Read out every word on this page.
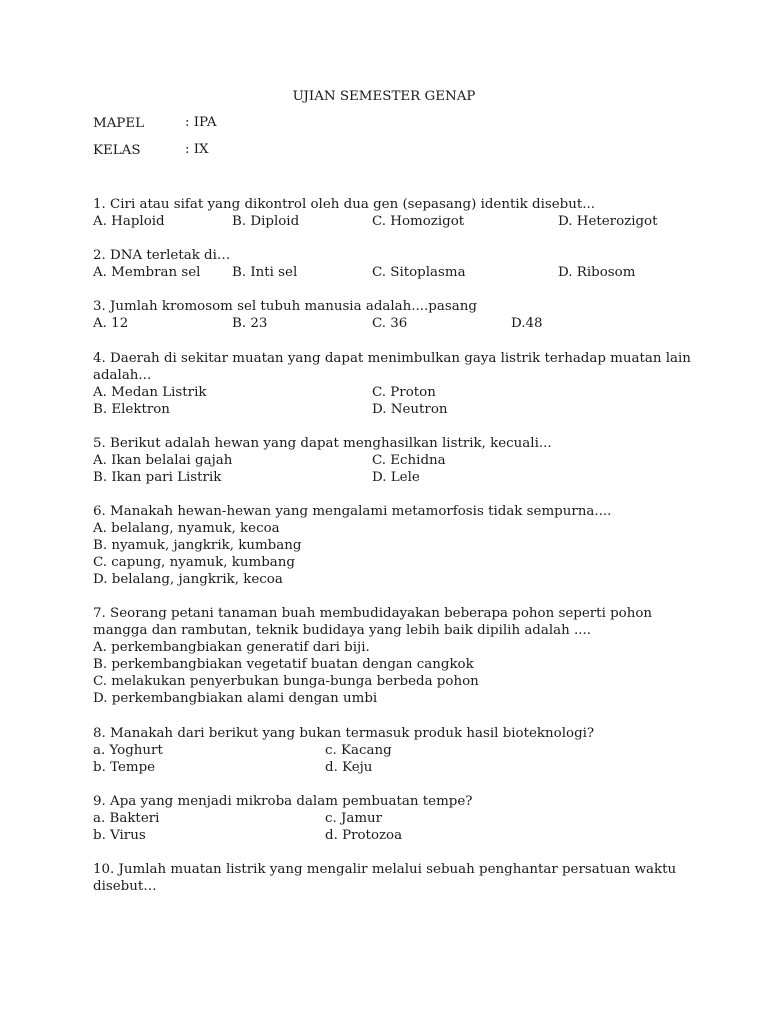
UJIAN SEMESTER GENAP
MAPEL	: IPA
KELAS	: IX
1. Ciri atau sifat yang dikontrol oleh dua gen (sepasang) identik disebut...
A. Haploid	B. Diploid	C. Homozigot	D. Heterozigot
2. DNA terletak di…
A. Membran sel B. Inti sel	C. Sitoplasma	D. Ribosom
3. Jumlah kromosom sel tubuh manusia adalah....pasang
A. 12	B. 23	C. 36	D.48
4. Daerah di sekitar muatan yang dapat menimbulkan gaya listrik terhadap muatan lain
adalah...
A. Medan Listrik	C. Proton
B. Elektron	D. Neutron
5. Berikut adalah hewan yang dapat menghasilkan listrik, kecuali...
A. Ikan belalai gajah	C. Echidna
B. Ikan pari Listrik	D. Lele
6. Manakah hewan-hewan yang mengalami metamorfosis tidak sempurna....
A. belalang, nyamuk, kecoa
B. nyamuk, jangkrik, kumbang
C. capung, nyamuk, kumbang
D. belalang, jangkrik, kecoa
7. Seorang petani tanaman buah membudidayakan beberapa pohon seperti pohon
mangga dan rambutan, teknik budidaya yang lebih baik dipilih adalah ....
A. perkembangbiakan generatif dari biji.
B. perkembangbiakan vegetatif buatan dengan cangkok
C. melakukan penyerbukan bunga-bunga berbeda pohon
D. perkembangbiakan alami dengan umbi
8. Manakah dari berikut yang bukan termasuk produk hasil bioteknologi?
a. Yoghurt	c. Kacang
b. Tempe	d. Keju
9. Apa yang menjadi mikroba dalam pembuatan tempe?
a. Bakteri	c. Jamur
b. Virus	d. Protozoa
10. Jumlah muatan listrik yang mengalir melalui sebuah penghantar persatuan waktu
disebut…
